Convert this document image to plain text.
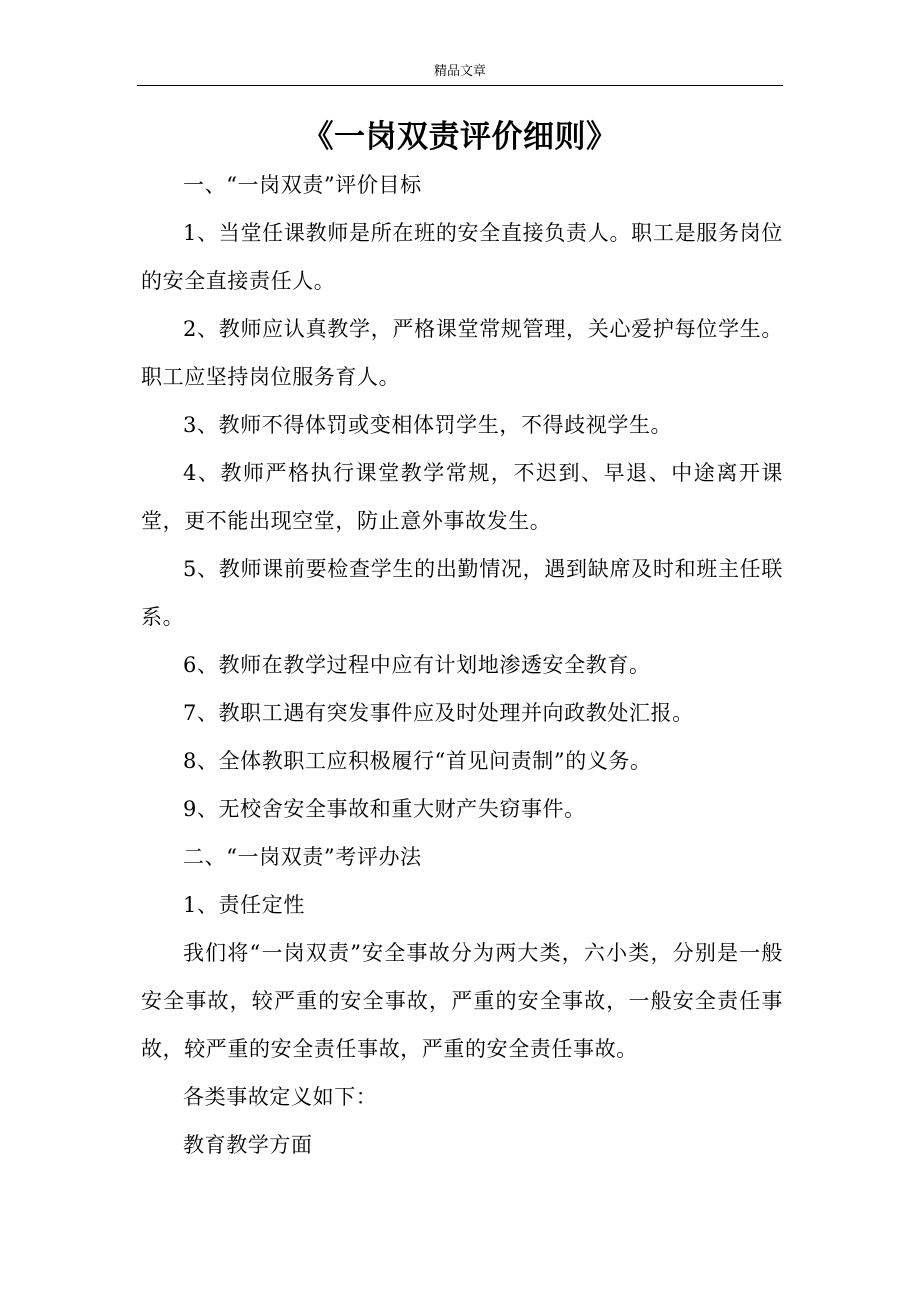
精品文章
《一岗双责评价细则》

一、“一岗双责”评价目标

1、当堂任课教师是所在班的安全直接负责人。职工是服务岗位的安全直接责任人。

2、教师应认真教学，严格课堂常规管理，关心爱护每位学生。职工应坚持岗位服务育人。

3、教师不得体罚或变相体罚学生，不得歧视学生。

4、教师严格执行课堂教学常规，不迟到、早退、中途离开课堂，更不能出现空堂，防止意外事故发生。

5、教师课前要检查学生的出勤情况，遇到缺席及时和班主任联系。

6、教师在教学过程中应有计划地渗透安全教育。

7、教职工遇有突发事件应及时处理并向政教处汇报。

8、全体教职工应积极履行“首见问责制”的义务。

9、无校舍安全事故和重大财产失窃事件。

二、“一岗双责”考评办法

1、责任定性

我们将“一岗双责”安全事故分为两大类，六小类，分别是一般安全事故，较严重的安全事故，严重的安全事故，一般安全责任事故，较严重的安全责任事故，严重的安全责任事故。

各类事故定义如下：

教育教学方面
